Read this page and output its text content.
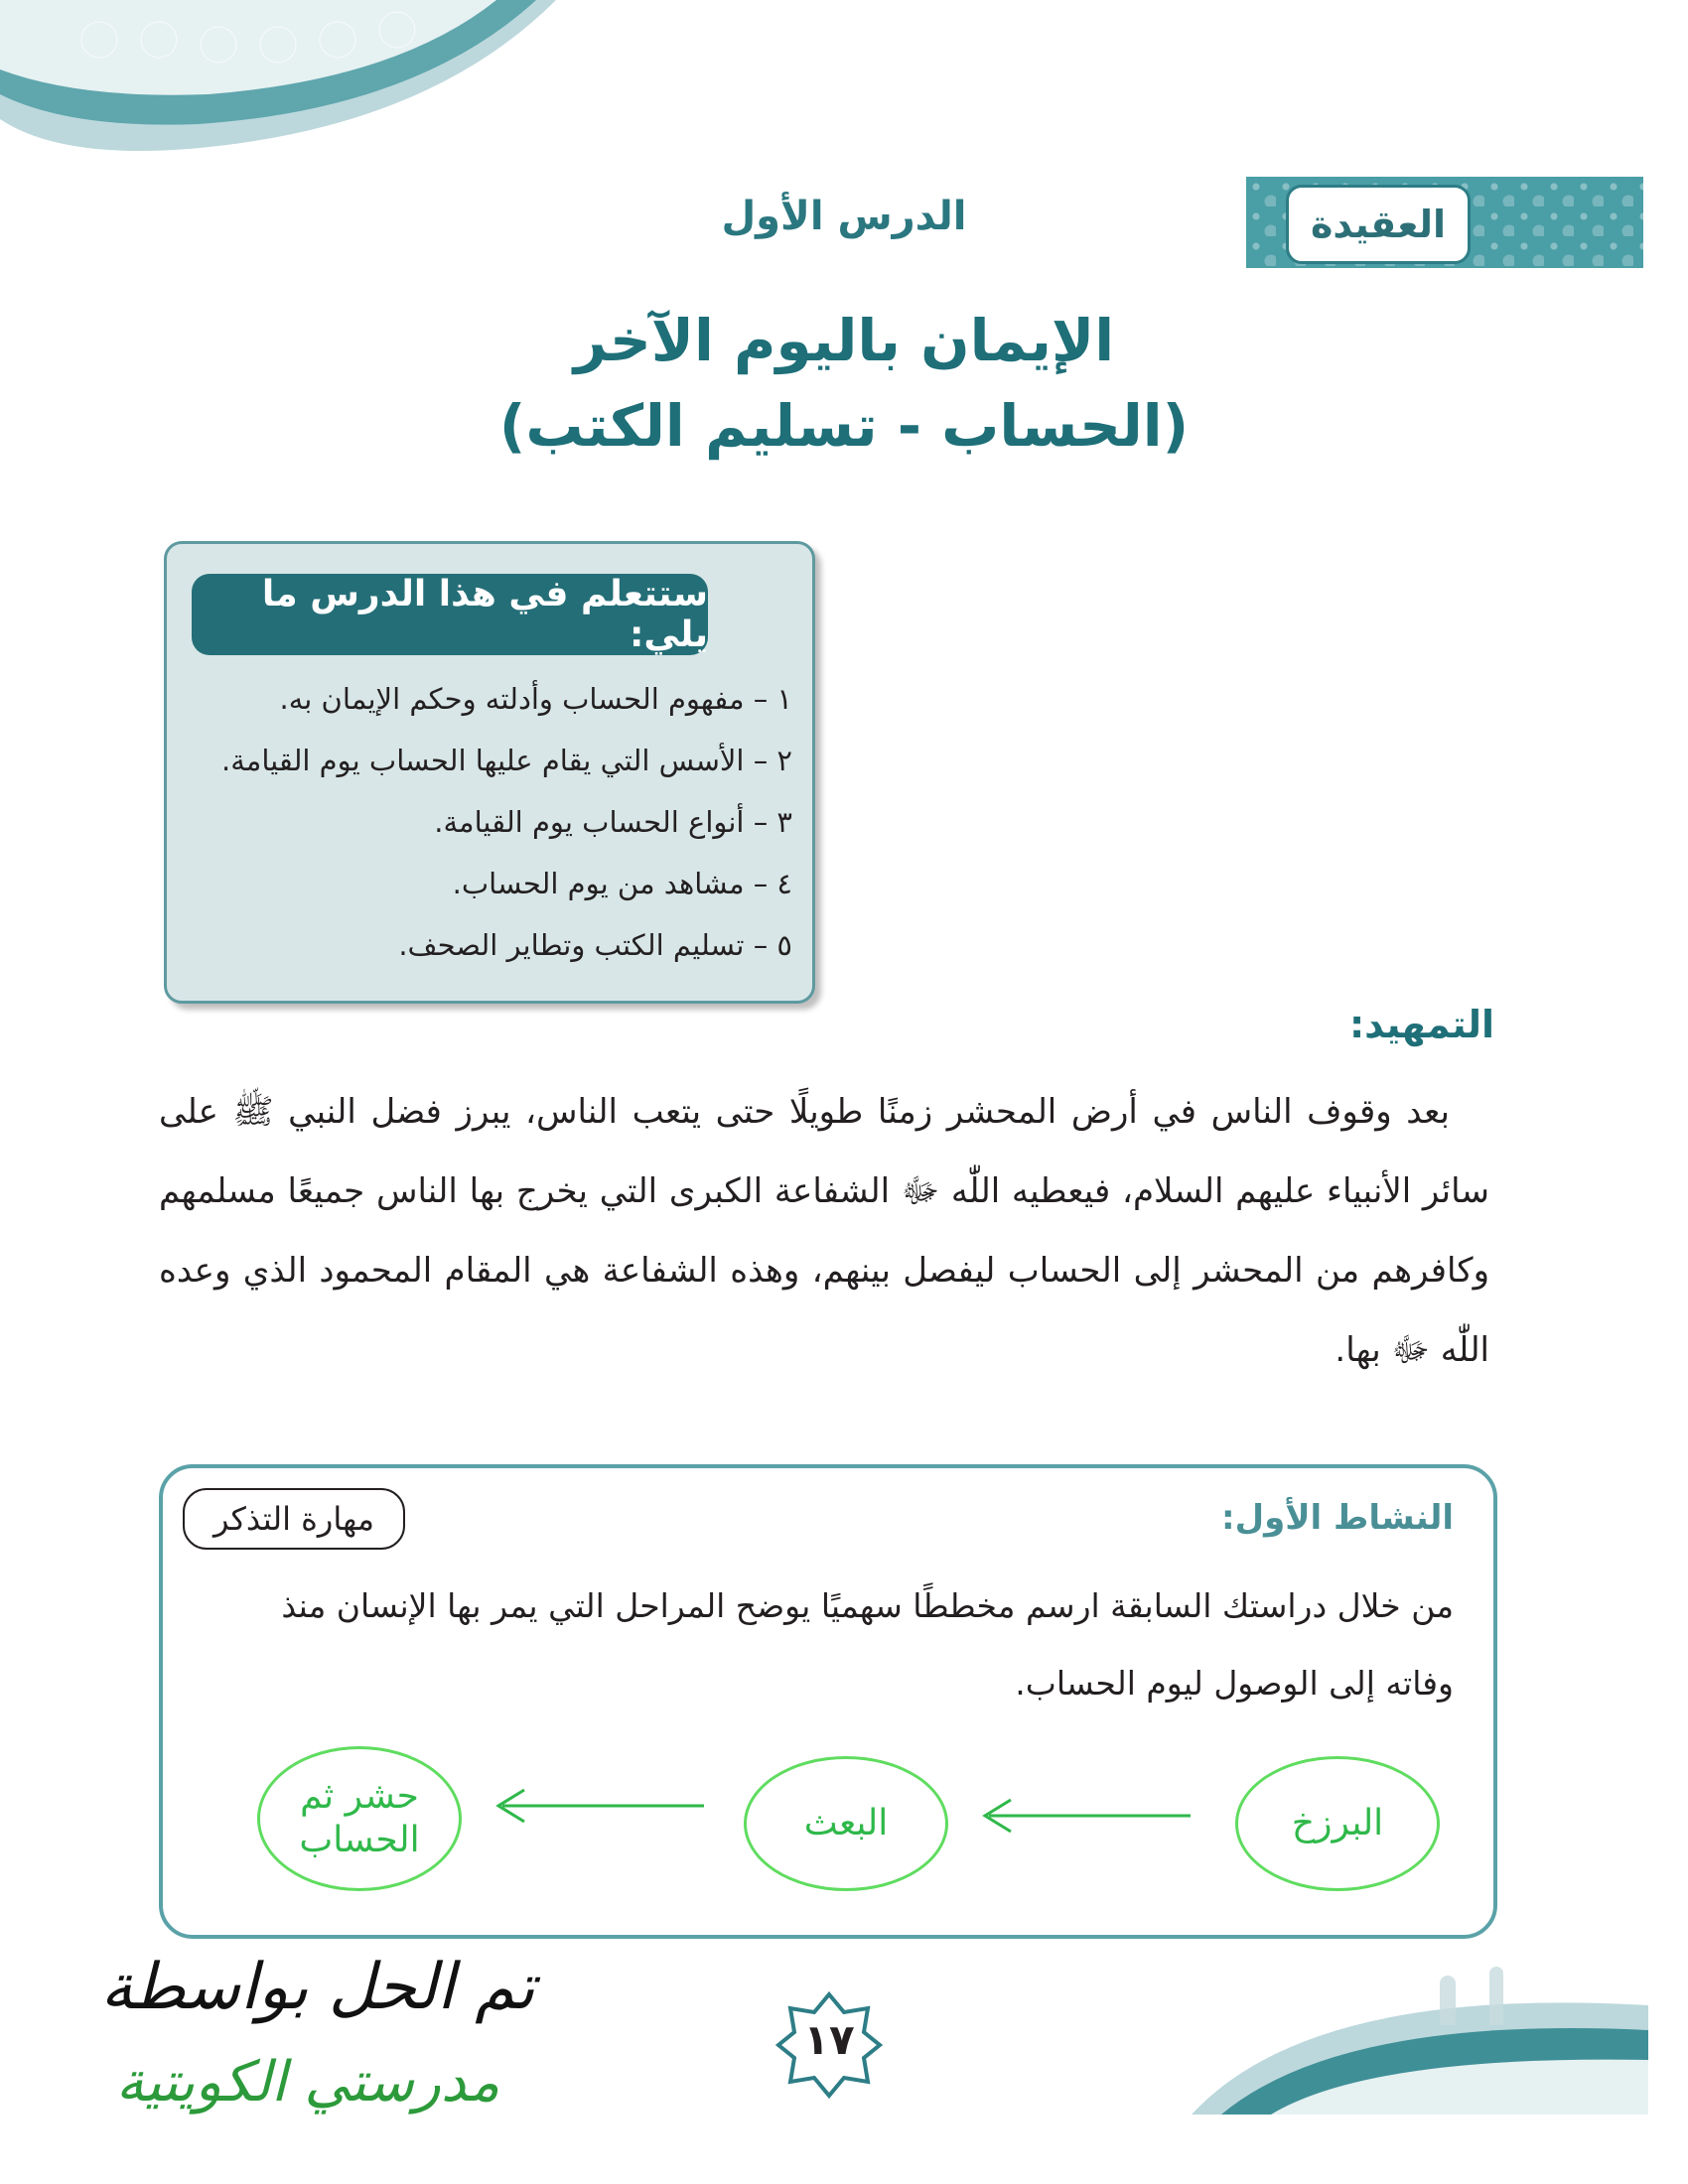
العقيدة
الدرس الأول
الإيمان باليوم الآخر
(الحساب - تسليم الكتب)
ستتعلم في هذا الدرس ما يلي:
١ – مفهوم الحساب وأدلته وحكم الإيمان به.
٢ – الأسس التي يقام عليها الحساب يوم القيامة.
٣ – أنواع الحساب يوم القيامة.
٤ – مشاهد من يوم الحساب.
٥ – تسليم الكتب وتطاير الصحف.
التمهيد:
بعد وقوف الناس في أرض المحشر زمنًا طويلًا حتى يتعب الناس، يبرز فضل النبي ﷺ على سائر الأنبياء عليهم السلام، فيعطيه اللّٰه ﷻ الشفاعة الكبرى التي يخرج بها الناس جميعًا مسلمهم وكافرهم من المحشر إلى الحساب ليفصل بينهم، وهذه الشفاعة هي المقام المحمود الذي وعده اللّٰه ﷻ بها.
النشاط الأول:
مهارة التذكر
من خلال دراستك السابقة ارسم مخططًا سهميًا يوضح المراحل التي يمر بها الإنسان منذ وفاته إلى الوصول ليوم الحساب.
البرزخ
البعث
حشر ثم الحساب
١٧
تم الحل بواسطة
مدرستي الكويتية
